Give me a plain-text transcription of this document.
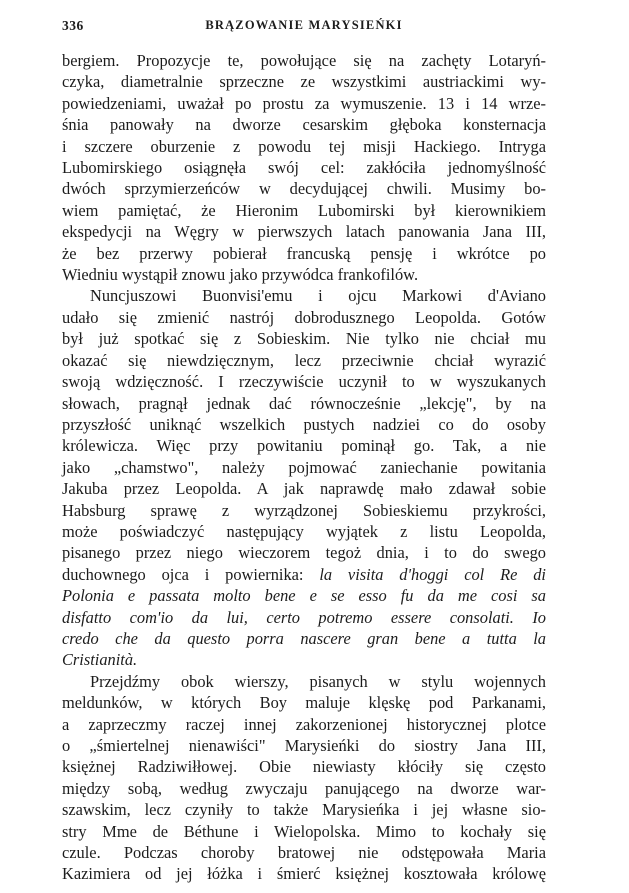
336	BRĄZOWANIE MARYSIEŃKI
bergiem. Propozycje te, powołujące się na zachęty Lotaryń-
czyka, diametralnie sprzeczne ze wszystkimi austriackimi wy-
powiedzeniami, uważał po prostu za wymuszenie. 13 i 14 wrze-
śnia panowały na dworze cesarskim głęboka konsternacja
i szczere oburzenie z powodu tej misji Hackiego. Intryga
Lubomirskiego osiągnęła swój cel: zakłóciła jednomyślność
dwóch sprzymierzeńców w decydującej chwili. Musimy bo-
wiem pamiętać, że Hieronim Lubomirski był kierownikiem
ekspedycji na Węgry w pierwszych latach panowania Jana III,
że bez przerwy pobierał francuską pensję i wkrótce po
Wiedniu wystąpił znowu jako przywódca frankofilów.
Nuncjuszowi Buonvisi'emu i ojcu Markowi d'Aviano
udało się zmienić nastrój dobrodusznego Leopolda. Gotów
był już spotkać się z Sobieskim. Nie tylko nie chciał mu
okazać się niewdzięcznym, lecz przeciwnie chciał wyrazić
swoją wdzięczność. I rzeczywiście uczynił to w wyszukanych
słowach, pragnął jednak dać równocześnie „lekcję", by na
przyszłość uniknąć wszelkich pustych nadziei co do osoby
królewicza. Więc przy powitaniu pominął go. Tak, a nie
jako „chamstwo", należy pojmować zaniechanie powitania
Jakuba przez Leopolda. A jak naprawdę mało zdawał sobie
Habsburg sprawę z wyrządzonej Sobieskiemu przykrości,
może poświadczyć następujący wyjątek z listu Leopolda,
pisanego przez niego wieczorem tegoż dnia, i to do swego
duchownego ojca i powiernika: la visita d'hoggi col Re di
Polonia e passata molto bene e se esso fu da me cosi sa
disfatto com'io da lui, certo potremo essere consolati. Io
credo che da questo porra nascere gran bene a tutta la
Cristianità.
Przejdźmy obok wierszy, pisanych w stylu wojennych
meldunków, w których Boy maluje klęskę pod Parkanami,
a zaprzeczmy raczej innej zakorzenionej historycznej plotce
o „śmiertelnej nienawiści" Marysieńki do siostry Jana III,
księżnej Radziwiłłowej. Obie niewiasty kłóciły się często
między sobą, według zwyczaju panującego na dworze war-
szawskim, lecz czyniły to także Marysieńka i jej własne sio-
stry Mme de Béthune i Wielopolska. Mimo to kochały się
czule. Podczas choroby bratowej nie odstępowała Maria
Kazimiera od jej łóżka i śmierć księżnej kosztowała królowę
